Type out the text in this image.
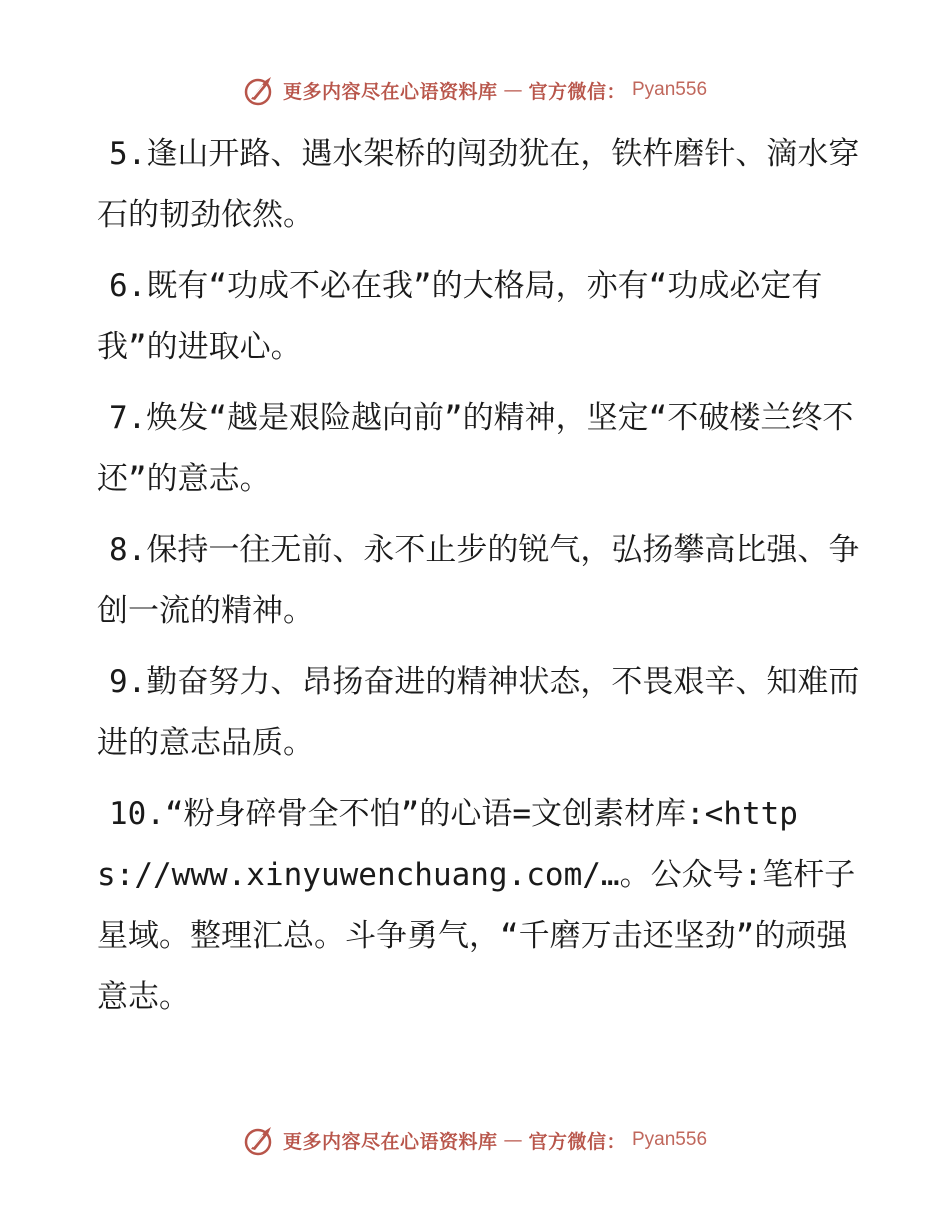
更多内容尽在心语资料库 — 官方微信： Pyan556

5.逢山开路、遇水架桥的闯劲犹在，铁杵磨针、滴水穿石的韧劲依然。

6.既有“功成不必在我”的大格局，亦有“功成必定有我”的进取心。

7.焕发“越是艰险越向前”的精神，坚定“不破楼兰终不还”的意志。

8.保持一往无前、永不止步的锐气，弘扬攀高比强、争创一流的精神。

9.勤奋努力、昂扬奋进的精神状态，不畏艰辛、知难而进的意志品质。

10.“粉身碎骨全不怕”的心语=文创素材库:<https://www.xinyuwenchuang.com/…。公众号:笔杆子星域。整理汇总。斗争勇气，“千磨万击还坚劲”的顽强意志。

更多内容尽在心语资料库 — 官方微信： Pyan556
